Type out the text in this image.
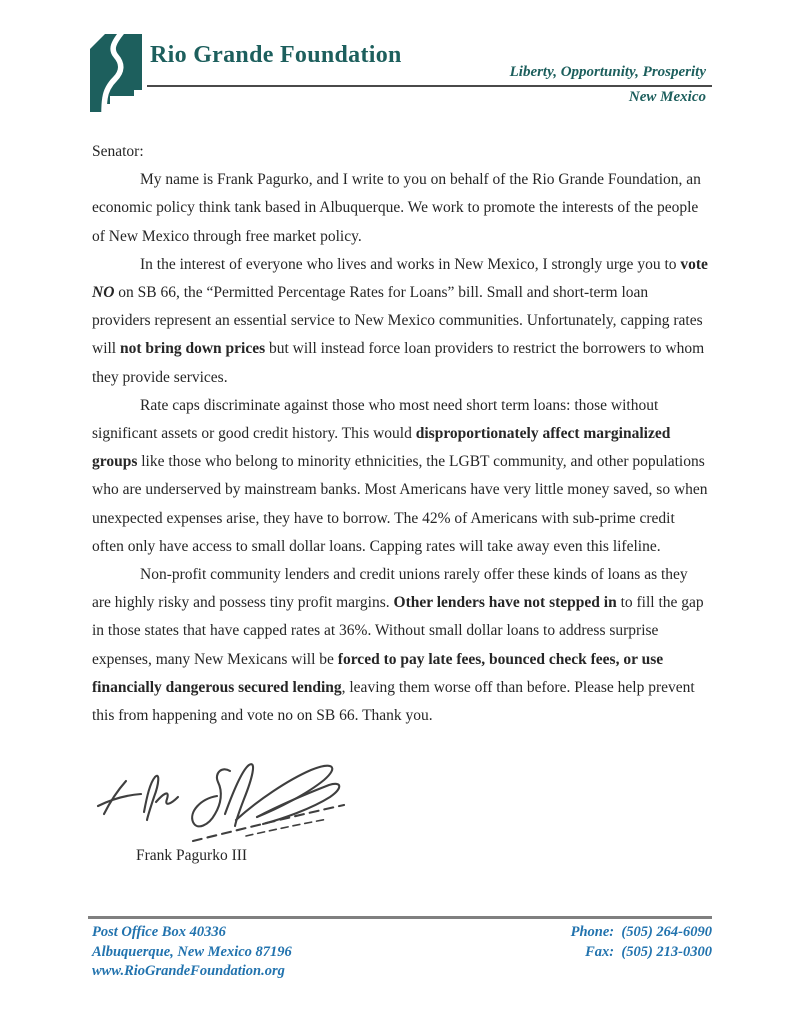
Rio Grande Foundation
Liberty, Opportunity, Prosperity
New Mexico

Senator:

My name is Frank Pagurko, and I write to you on behalf of the Rio Grande Foundation, an economic policy think tank based in Albuquerque. We work to promote the interests of the people of New Mexico through free market policy.

In the interest of everyone who lives and works in New Mexico, I strongly urge you to vote NO on SB 66, the “Permitted Percentage Rates for Loans” bill. Small and short-term loan providers represent an essential service to New Mexico communities. Unfortunately, capping rates will not bring down prices but will instead force loan providers to restrict the borrowers to whom they provide services.

Rate caps discriminate against those who most need short term loans: those without significant assets or good credit history. This would disproportionately affect marginalized groups like those who belong to minority ethnicities, the LGBT community, and other populations who are underserved by mainstream banks. Most Americans have very little money saved, so when unexpected expenses arise, they have to borrow. The 42% of Americans with sub-prime credit often only have access to small dollar loans. Capping rates will take away even this lifeline.

Non-profit community lenders and credit unions rarely offer these kinds of loans as they are highly risky and possess tiny profit margins. Other lenders have not stepped in to fill the gap in those states that have capped rates at 36%. Without small dollar loans to address surprise expenses, many New Mexicans will be forced to pay late fees, bounced check fees, or use financially dangerous secured lending, leaving them worse off than before. Please help prevent this from happening and vote no on SB 66. Thank you.

Frank Pagurko III
Post Office Box 40336
Albuquerque, New Mexico 87196
www.RioGrandeFoundation.org
Phone:  (505) 264-6090
Fax:  (505) 213-0300
